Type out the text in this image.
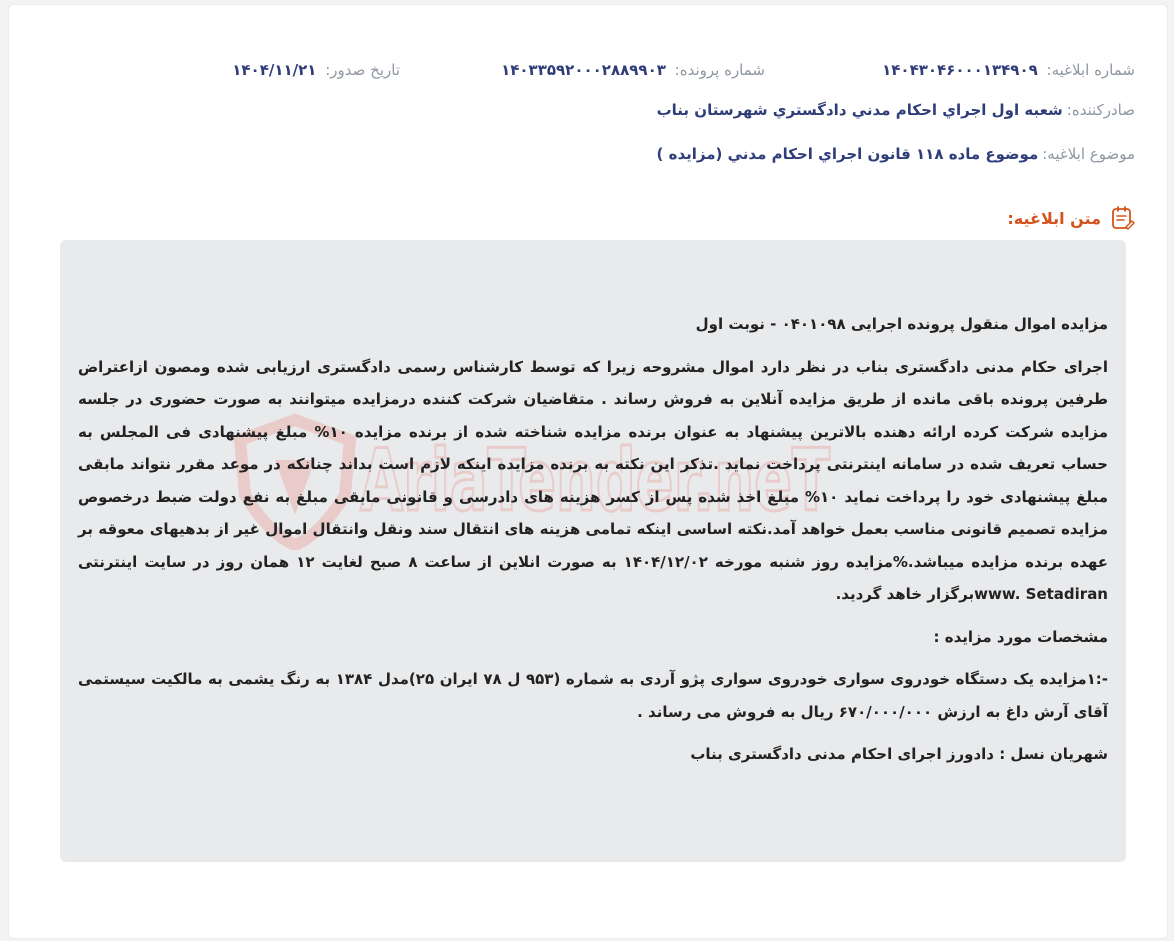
شماره ابلاغیه: ۱۴۰۴۳۰۴۶۰۰۰۱۳۴۹۰۹
شماره پرونده: ۱۴۰۳۳۵۹۲۰۰۰۲۸۸۹۹۰۳
تاریخ صدور: ۱۴۰۴/۱۱/۲۱
صادرکننده:
شعبه اول اجراي احکام مدني دادگستري شهرستان بناب
موضوع ابلاغیه:
موضوع ماده ۱۱۸ قانون اجراي احکام مدني (مزايده )
متن ابلاغیه:
AriaTender.neT

مزایده اموال منقول پرونده اجرایی ۰۴۰۱۰۹۸ - نوبت اول

اجرای حکام مدنی دادگستری بناب در نظر دارد اموال مشروحه زیرا که توسط کارشناس رسمی دادگستری ارزیابی شده ومصون ازاعتراض طرفین پرونده باقی مانده از طریق مزایده آنلاین به فروش رساند . متقاضیان شرکت کننده درمزایده میتوانند به صورت حضوری در جلسه مزایده شرکت کرده ارائه دهنده بالاترین پیشنهاد به عنوان برنده مزایده شناخته شده از برنده مزایده ۱۰% مبلغ پیشنهادی فی المجلس به حساب تعریف شده در سامانه اینترنتی پرداخت نماید .تذکر این نکته به برنده مزایده اینکه لازم است بداند چنانکه در موعد مقرر نتواند مابقی مبلغ پیشنهادی خود را پرداخت نماید ۱۰% مبلغ اخذ شده پس از کسر هزینه های دادرسی و قانونی مابقی مبلغ به نفع دولت ضبط درخصوص مزایده تصمیم قانونی مناسب بعمل خواهد آمد.نکته اساسی اینکه تمامی هزینه های انتقال سند ونقل وانتقال اموال غیر از بدهیهای معوقه بر عهده برنده مزایده میباشد.%مزایده روز شنبه مورخه ۱۴۰۴/۱۲/۰۲ به صورت انلاین از ساعت ۸ صبح لغایت ۱۲ همان روز در سایت اینترنتی www. Setadiranبرگزار خاهد گردید.

مشخصات مورد مزایده :

-:۱مزایده یک دستگاه خودروی سواری خودروی سواری پژو آردی به شماره (۹۵۳ ل ۷۸ ایران ۲۵)مدل ۱۳۸۴ به رنگ یشمی به مالکیت سیستمی آقای آرش داغ به ارزش ۶۷۰/۰۰۰/۰۰۰ ریال به فروش می رساند .

شهریان نسل : دادورز اجرای احکام مدنی دادگستری بناب
